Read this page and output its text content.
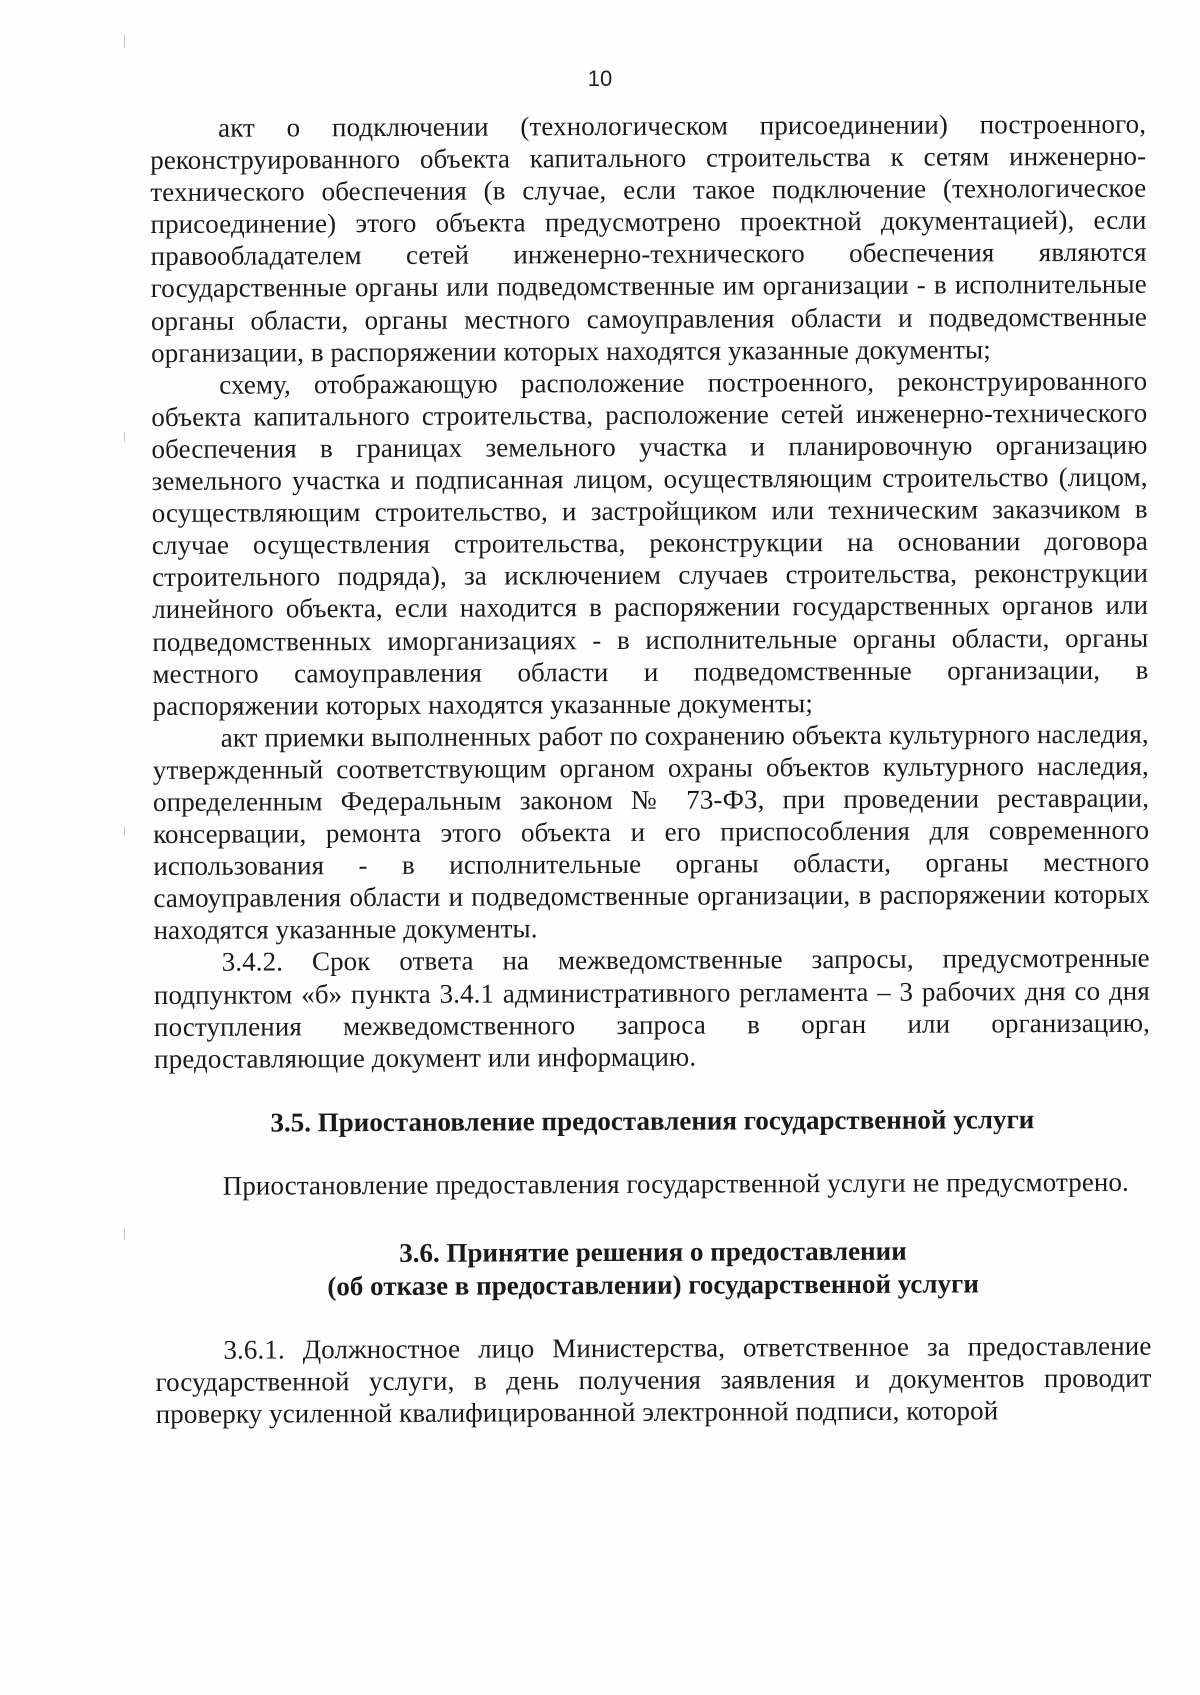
10

акт о подключении (технологическом присоединении) построенного, реконструированного объекта капитального строительства к сетям инженерно-технического обеспечения (в случае, если такое подключение (технологическое присоединение) этого объекта предусмотрено проектной документацией), если правообладателем сетей инженерно-технического обеспечения являются государственные органы или подведомственные им организации - в исполнительные органы области, органы местного самоуправления области и подведомственные организации, в распоряжении которых находятся указанные документы;

схему, отображающую расположение построенного, реконструированного объекта капитального строительства, расположение сетей инженерно-технического обеспечения в границах земельного участка и планировочную организацию земельного участка и подписанная лицом, осуществляющим строительство (лицом, осуществляющим строительство, и застройщиком или техническим заказчиком в случае осуществления строительства, реконструкции на основании договора строительного подряда), за исключением случаев строительства, реконструкции линейного объекта, если находится в распоряжении государственных органов или подведомственных иморганизациях - в исполнительные органы области, органы местного самоуправления области и подведомственные организации, в распоряжении которых находятся указанные документы;

акт приемки выполненных работ по сохранению объекта культурного наследия, утвержденный соответствующим органом охраны объектов культурного наследия, определенным Федеральным законом № 73-ФЗ, при проведении реставрации, консервации, ремонта этого объекта и его приспособления для современного использования - в исполнительные органы области, органы местного самоуправления области и подведомственные организации, в распоряжении которых находятся указанные документы.

3.4.2. Срок ответа на межведомственные запросы, предусмотренные подпунктом «б» пункта 3.4.1 административного регламента – 3 рабочих дня со дня поступления межведомственного запроса в орган или организацию, предоставляющие документ или информацию.

3.5. Приостановление предоставления государственной услуги

Приостановление предоставления государственной услуги не предусмотрено.

3.6. Принятие решения о предоставлении

(об отказе в предоставлении) государственной услуги

3.6.1. Должностное лицо Министерства, ответственное за предоставление государственной услуги, в день получения заявления и документов проводит проверку усиленной квалифицированной электронной подписи, которой
